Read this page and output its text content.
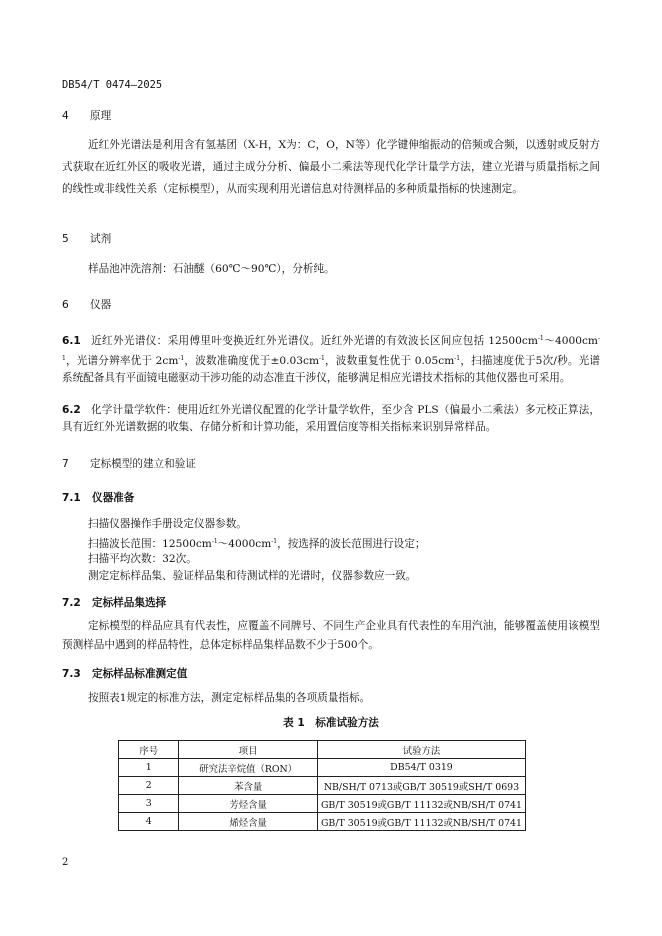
DB54/T 0474—2025
4 原理
近红外光谱法是利用含有氢基团（X-H，X为：C，O，N等）化学键伸缩振动的倍频或合频，以透射或反射方式获取在近红外区的吸收光谱，通过主成分分析、偏最小二乘法等现代化学计量学方法，建立光谱与质量指标之间的线性或非线性关系（定标模型），从而实现利用光谱信息对待测样品的多种质量指标的快速测定。
5 试剂
样品池冲洗溶剂：石油醚（60℃～90℃），分析纯。
6 仪器
6.1 近红外光谱仪：采用傅里叶变换近红外光谱仪。近红外光谱的有效波长区间应包括 $12500cm^{-1}\sim 4000cm^{-1}$，光谱分辨率优于 $2cm^{-1}$，波数准确度优于$\pm 0.03cm^{-1}$，波数重复性优于 $0.05cm^{-1}$，扫描速度优于5次/秒。光谱系统配备具有平面镜电磁驱动干涉功能的动态准直干涉仪，能够满足相应光谱技术指标的其他仪器也可采用。
6.2 化学计量学软件：使用近红外光谱仪配置的化学计量学软件，至少含 PLS（偏最小二乘法）多元校正算法，具有近红外光谱数据的收集、存储分析和计算功能，采用置信度等相关指标来识别异常样品。
7 定标模型的建立和验证
7.1 仪器准备
扫描仪器操作手册设定仪器参数。
扫描波长范围：$12500cm^{-1}\sim 4000cm^{-1}$，按选择的波长范围进行设定；
扫描平均次数：32次。
测定定标样品集、验证样品集和待测试样的光谱时，仪器参数应一致。
7.2 定标样品集选择
定标模型的样品应具有代表性，应覆盖不同牌号、不同生产企业具有代表性的车用汽油，能够覆盖使用该模型预测样品中遇到的样品特性，总体定标样品集样品数不少于500个。
7.3 定标样品标准测定值
按照表1规定的标准方法，测定定标样品集的各项质量指标。
表 1　标准试验方法
序号	项目	试验方法
1	研究法辛烷值（RON）	DB54/T 0319
2	苯含量	NB/SH/T 0713或GB/T 30519或SH/T 0693
3	芳烃含量	GB/T 30519或GB/T 11132或NB/SH/T 0741
4	烯烃含量	GB/T 30519或GB/T 11132或NB/SH/T 0741
2
